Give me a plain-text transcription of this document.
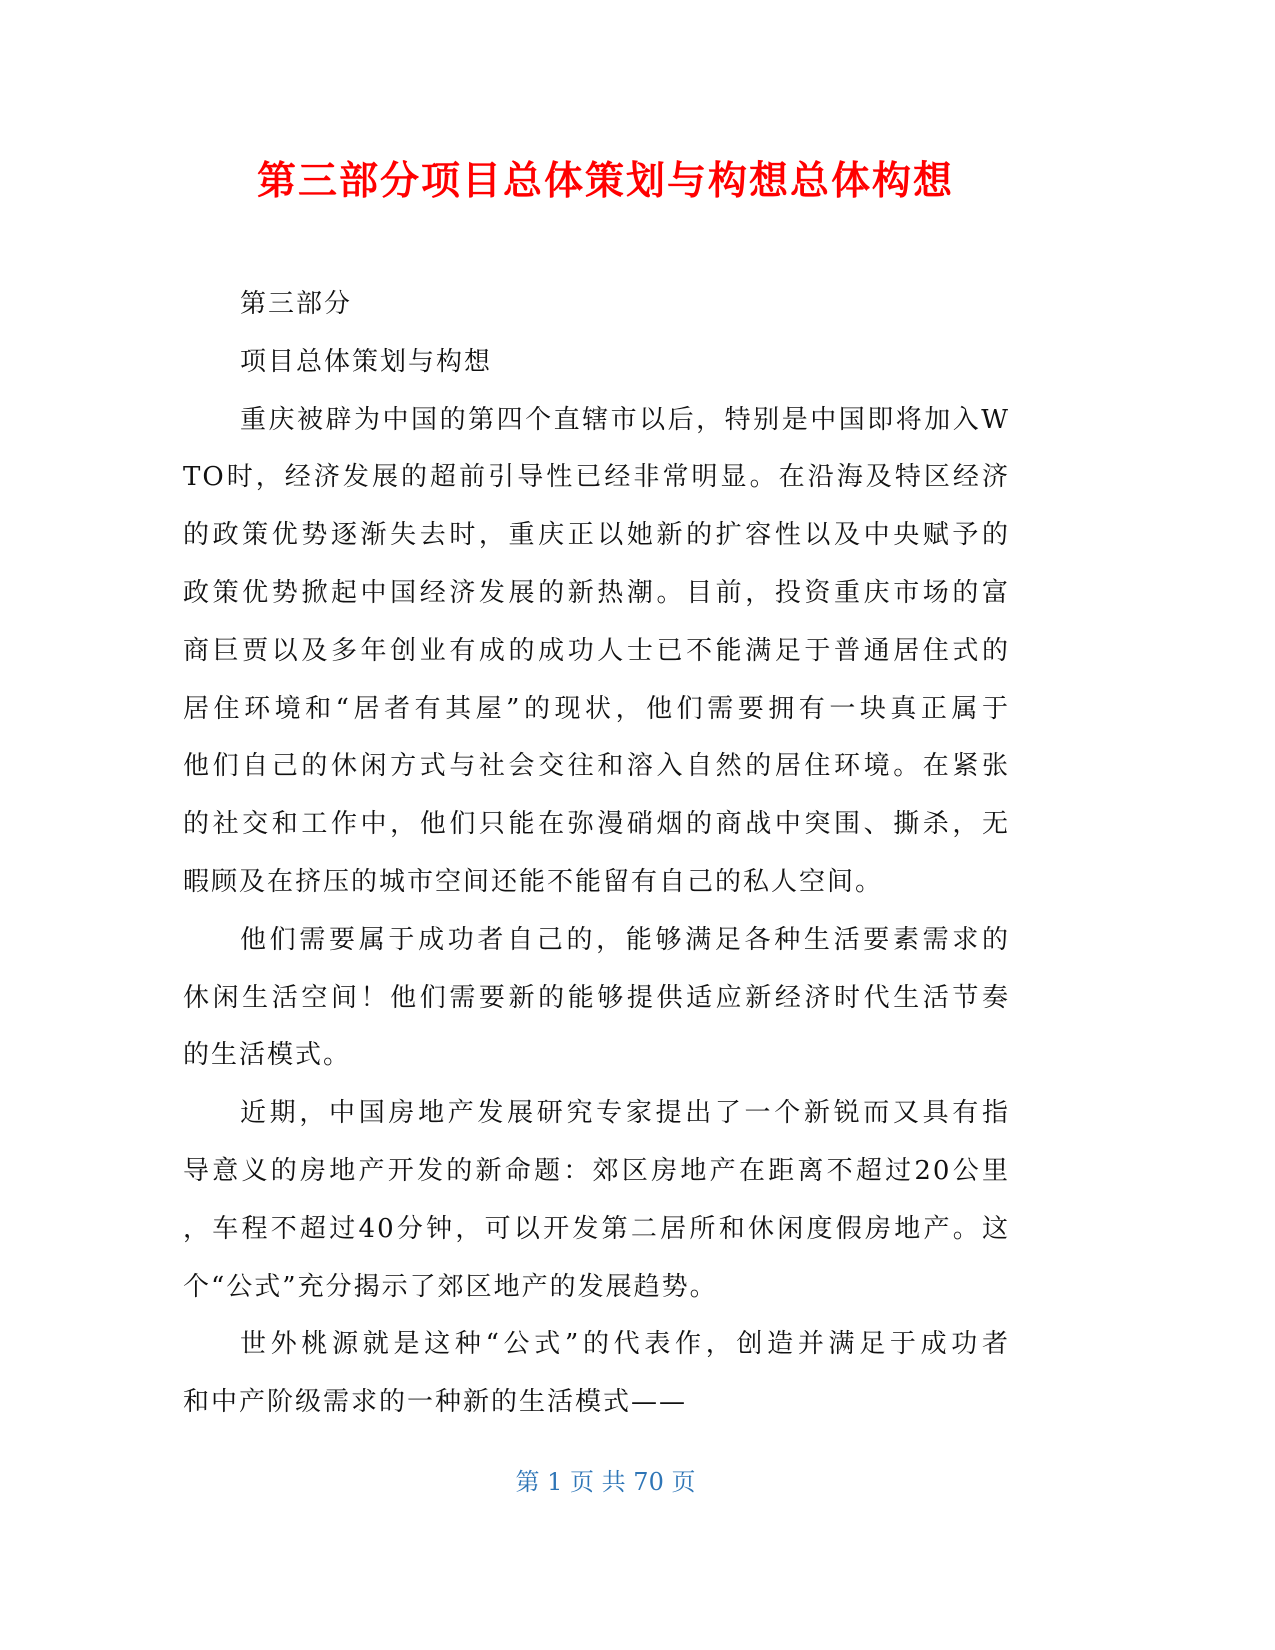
第三部分项目总体策划与构想总体构想
第三部分
项目总体策划与构想
重庆被辟为中国的第四个直辖市以后，特别是中国即将加入W
TO时，经济发展的超前引导性已经非常明显。在沿海及特区经济
的政策优势逐渐失去时，重庆正以她新的扩容性以及中央赋予的
政策优势掀起中国经济发展的新热潮。目前，投资重庆市场的富
商巨贾以及多年创业有成的成功人士已不能满足于普通居住式的
居住环境和“居者有其屋”的现状，他们需要拥有一块真正属于
他们自己的休闲方式与社会交往和溶入自然的居住环境。在紧张
的社交和工作中，他们只能在弥漫硝烟的商战中突围、撕杀，无
暇顾及在挤压的城市空间还能不能留有自己的私人空间。
他们需要属于成功者自己的，能够满足各种生活要素需求的
休闲生活空间！他们需要新的能够提供适应新经济时代生活节奏
的生活模式。
近期，中国房地产发展研究专家提出了一个新锐而又具有指
导意义的房地产开发的新命题：郊区房地产在距离不超过20公里
，车程不超过40分钟，可以开发第二居所和休闲度假房地产。这
个“公式”充分揭示了郊区地产的发展趋势。
世外桃源就是这种“公式”的代表作，创造并满足于成功者
和中产阶级需求的一种新的生活模式——
第 1 页 共 70 页
